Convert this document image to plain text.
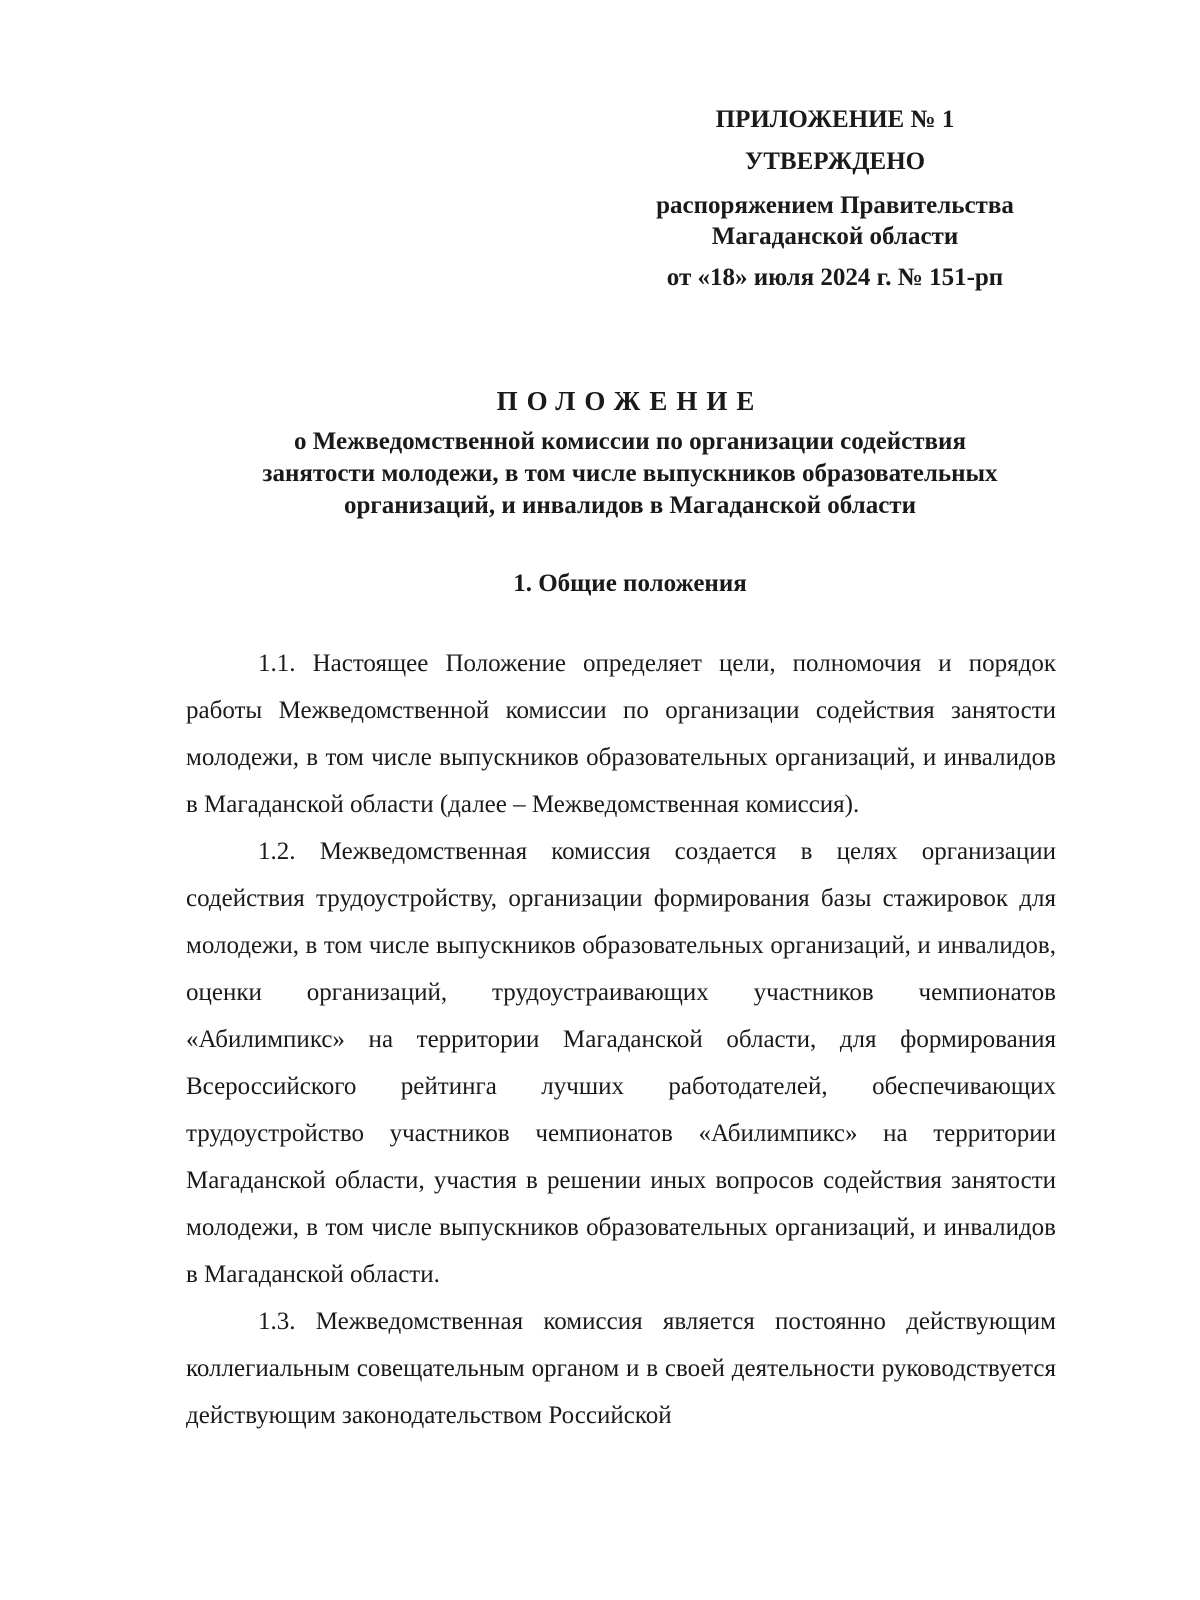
ПРИЛОЖЕНИЕ № 1
УТВЕРЖДЕНО
распоряжением Правительства
Магаданской области
от «18» июля 2024 г. № 151-рп
ПОЛОЖЕНИЕ
о Межведомственной комиссии по организации содействия
занятости молодежи, в том числе выпускников образовательных
организаций, и инвалидов в Магаданской области
1. Общие положения

1.1. Настоящее Положение определяет цели, полномочия и порядок работы Межведомственной комиссии по организации содействия занятости молодежи, в том числе выпускников образовательных организаций, и инвалидов в Магаданской области (далее – Межведомственная комиссия).

1.2. Межведомственная комиссия создается в целях организации содействия трудоустройству, организации формирования базы стажировок для молодежи, в том числе выпускников образовательных организаций, и инвалидов, оценки организаций, трудоустраивающих участников чемпионатов «Абилимпикс» на территории Магаданской области, для формирования Всероссийского рейтинга лучших работодателей, обеспечивающих трудоустройство участников чемпионатов «Абилимпикс» на территории Магаданской области, участия в решении иных вопросов содействия занятости молодежи, в том числе выпускников образовательных организаций, и инвалидов в Магаданской области.

1.3. Межведомственная комиссия является постоянно действующим коллегиальным совещательным органом и в своей деятельности руководствуется действующим законодательством Российской
